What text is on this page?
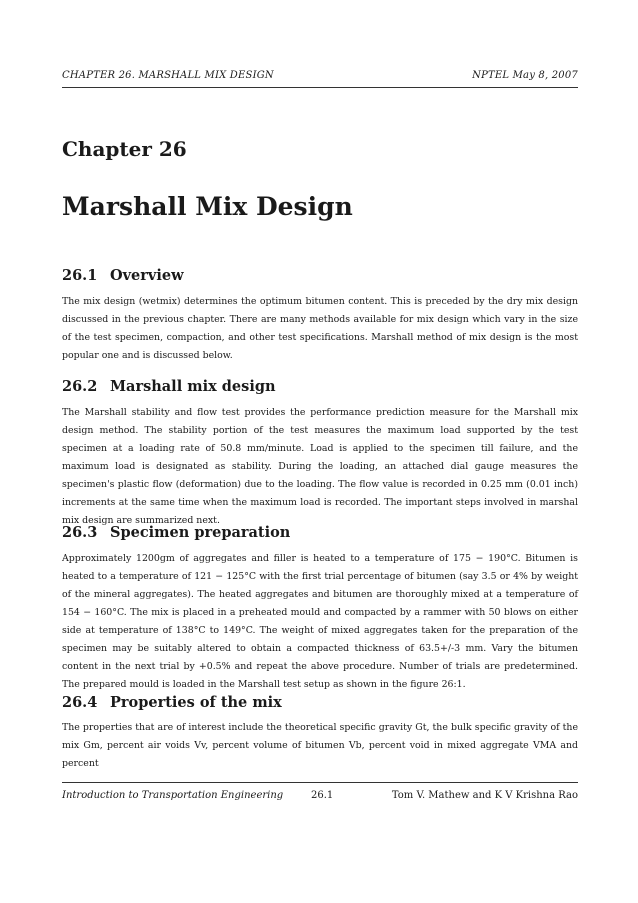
CHAPTER 26. MARSHALL MIX DESIGN	NPTEL May 8, 2007
Chapter 26
Marshall Mix Design
26.1 Overview
The mix design (wetmix) determines the optimum bitumen content. This is preceded by the dry mix design discussed in the previous chapter. There are many methods available for mix design which vary in the size of the test specimen, compaction, and other test specifications. Marshall method of mix design is the most popular one and is discussed below.
26.2 Marshall mix design
The Marshall stability and flow test provides the performance prediction measure for the Marshall mix design method. The stability portion of the test measures the maximum load supported by the test specimen at a loading rate of 50.8 mm/minute. Load is applied to the specimen till failure, and the maximum load is designated as stability. During the loading, an attached dial gauge measures the specimen's plastic flow (deformation) due to the loading. The flow value is recorded in 0.25 mm (0.01 inch) increments at the same time when the maximum load is recorded. The important steps involved in marshal mix design are summarized next.
26.3 Specimen preparation
Approximately 1200gm of aggregates and filler is heated to a temperature of 175 − 190°C. Bitumen is heated to a temperature of 121 − 125°C with the first trial percentage of bitumen (say 3.5 or 4% by weight of the mineral aggregates). The heated aggregates and bitumen are thoroughly mixed at a temperature of 154 − 160°C. The mix is placed in a preheated mould and compacted by a rammer with 50 blows on either side at temperature of 138°C to 149°C. The weight of mixed aggregates taken for the preparation of the specimen may be suitably altered to obtain a compacted thickness of 63.5+/-3 mm. Vary the bitumen content in the next trial by +0.5% and repeat the above procedure. Number of trials are predetermined. The prepared mould is loaded in the Marshall test setup as shown in the figure 26:1.
26.4 Properties of the mix
The properties that are of interest include the theoretical specific gravity Gt, the bulk specific gravity of the mix Gm, percent air voids Vv, percent volume of bitumen Vb, percent void in mixed aggregate VMA and percent
Introduction to Transportation Engineering	26.1	Tom V. Mathew and K V Krishna Rao
